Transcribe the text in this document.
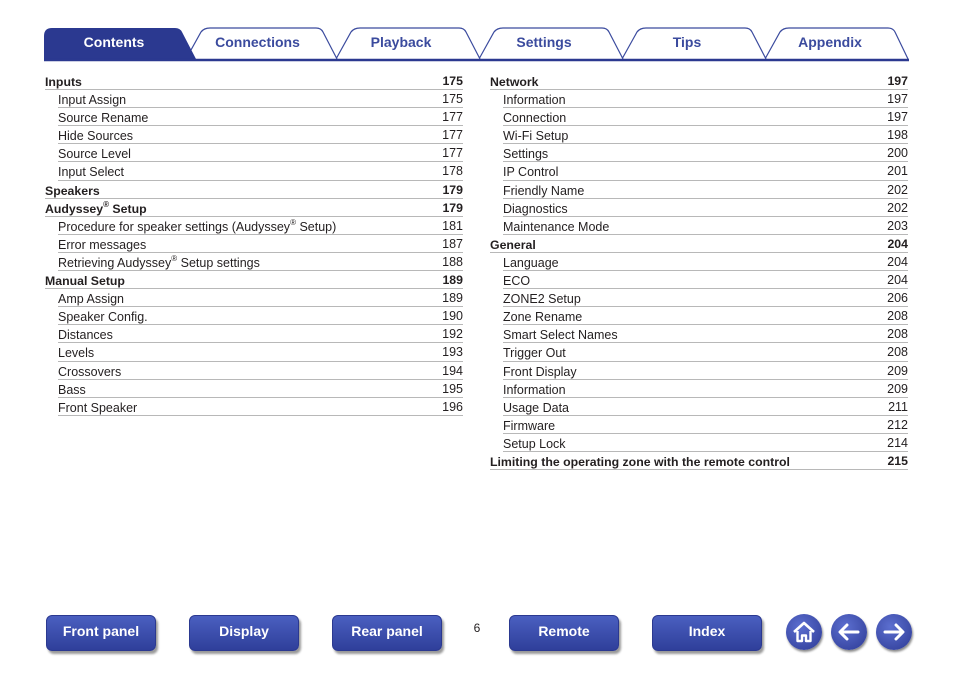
Contents	Connections	Playback	Settings	Tips	Appendix
Inputs	175
Input Assign	175
Source Rename	177
Hide Sources	177
Source Level	177
Input Select	178
Speakers	179
Audyssey® Setup	179
Procedure for speaker settings (Audyssey® Setup)	181
Error messages	187
Retrieving Audyssey® Setup settings	188
Manual Setup	189
Amp Assign	189
Speaker Config.	190
Distances	192
Levels	193
Crossovers	194
Bass	195
Front Speaker	196
Network	197
Information	197
Connection	197
Wi-Fi Setup	198
Settings	200
IP Control	201
Friendly Name	202
Diagnostics	202
Maintenance Mode	203
General	204
Language	204
ECO	204
ZONE2 Setup	206
Zone Rename	208
Smart Select Names	208
Trigger Out	208
Front Display	209
Information	209
Usage Data	211
Firmware	212
Setup Lock	214
Limiting the operating zone with the remote control	215
Front panel	Display	Rear panel	6	Remote	Index
